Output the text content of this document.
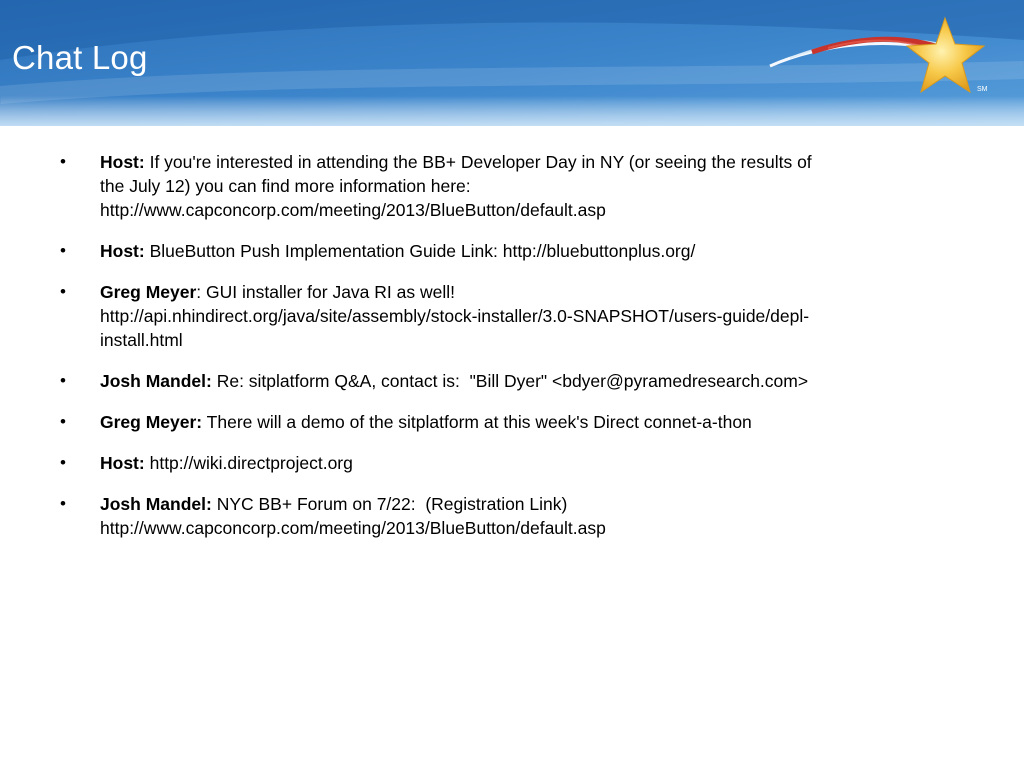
Chat Log
SM
• Host: If you're interested in attending the BB+ Developer Day in NY (or seeing the results of
the July 12) you can find more information here:
http://www.capconcorp.com/meeting/2013/BlueButton/default.asp
• Host: BlueButton Push Implementation Guide Link: http://bluebuttonplus.org/
• Greg Meyer: GUI installer for Java RI as well!
http://api.nhindirect.org/java/site/assembly/stock-installer/3.0-SNAPSHOT/users-guide/depl-
install.html
• Josh Mandel: Re: sitplatform Q&A, contact is:  "Bill Dyer" <bdyer@pyramedresearch.com>
• Greg Meyer: There will a demo of the sitplatform at this week's Direct connet-a-thon
• Host: http://wiki.directproject.org
• Josh Mandel: NYC BB+ Forum on 7/22:  (Registration Link)
http://www.capconcorp.com/meeting/2013/BlueButton/default.asp
